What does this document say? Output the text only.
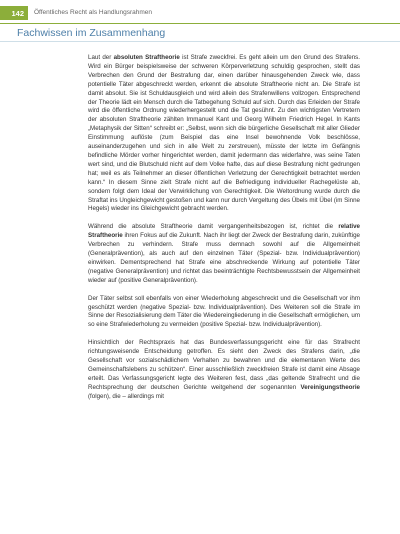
142	Öffentliches Recht als Handlungsrahmen
Fachwissen im Zusammenhang

Laut der absoluten Straftheorie ist Strafe zweckfrei. Es geht allein um den Grund des Strafens. Wird ein Bürger beispielsweise der schweren Körperverletzung schuldig gesprochen, stellt das Verbrechen den Grund der Bestrafung dar, einen darüber hinausgehenden Zweck wie, dass potentielle Täter abgeschreckt werden, erkennt die absolute Straftheorie nicht an. Die Strafe ist damit absolut. Sie ist Schuldausgleich und wird allein des Strafenwillens vollzogen. Entsprechend der Theorie lädt ein Mensch durch die Tatbegehung Schuld auf sich. Durch das Erleiden der Strafe wird die öffentliche Ordnung wiederhergestellt und die Tat gesühnt. Zu den wichtigsten Vertretern der absoluten Straftheorie zählten Immanuel Kant und Georg Wilhelm Friedrich Hegel. In Kants „Metaphysik der Sitten“ schreibt er: „Selbst, wenn sich die bürgerliche Gesellschaft mit aller Glieder Einstimmung auflöste (zum Beispiel das eine Insel bewohnende Volk beschlösse, auseinanderzugehen und sich in alle Welt zu zerstreuen), müsste der letzte im Gefängnis befindliche Mörder vorher hingerichtet werden, damit jedermann das widerfahre, was seine Taten wert sind, und die Blutschuld nicht auf dem Volke hafte, das auf diese Bestrafung nicht gedrungen hat; weil es als Teilnehmer an dieser öffentlichen Verletzung der Gerechtigkeit betrachtet werden kann.“ In diesem Sinne zielt Strafe nicht auf die Befriedigung individueller Rachegelüste ab, sondern folgt dem Ideal der Verwirklichung von Gerechtigkeit. Die Weltordnung wurde durch die Straftat ins Ungleichgewicht gestoßen und kann nur durch Vergeltung des Übels mit Übel (im Sinne Hegels) wieder ins Gleichgewicht gebracht werden.

Während die absolute Straftheorie damit vergangenheitsbezogen ist, richtet die relative Straftheorie ihren Fokus auf die Zukunft. Nach ihr liegt der Zweck der Bestrafung darin, zukünftige Verbrechen zu verhindern. Strafe muss demnach sowohl auf die Allgemeinheit (Generalprävention), als auch auf den einzelnen Täter (Spezial- bzw. Individualprävention) einwirken. Dementsprechend hat Strafe eine abschreckende Wirkung auf potentielle Täter (negative Generalprävention) und richtet das beeinträchtigte Rechtsbewusstsein der Allgemeinheit wieder auf (positive Generalprävention).

Der Täter selbst soll ebenfalls von einer Wiederholung abgeschreckt und die Gesellschaft vor ihm geschützt werden (negative Spezial- bzw. Individualprävention). Des Weiteren soll die Strafe im Sinne der Resozialisierung dem Täter die Wiedereingliederung in die Gesellschaft ermöglichen, um so eine Strafwiederholung zu vermeiden (positive Spezial- bzw. Individualprävention).

Hinsichtlich der Rechtspraxis hat das Bundesverfassungsgericht eine für das Strafrecht richtungsweisende Entscheidung getroffen. Es sieht den Zweck des Strafens darin, „die Gesellschaft vor sozialschädlichem Verhalten zu bewahren und die elementaren Werte des Gemeinschaftslebens zu schützen“. Einer ausschließlich zweckfreien Strafe ist damit eine Absage erteilt. Das Verfassungsgericht legte des Weiteren fest, dass „das geltende Strafrecht und die Rechtsprechung der deutschen Gerichte weitgehend der sogenannten Vereinigungstheorie (folgen), die – allerdings mit
